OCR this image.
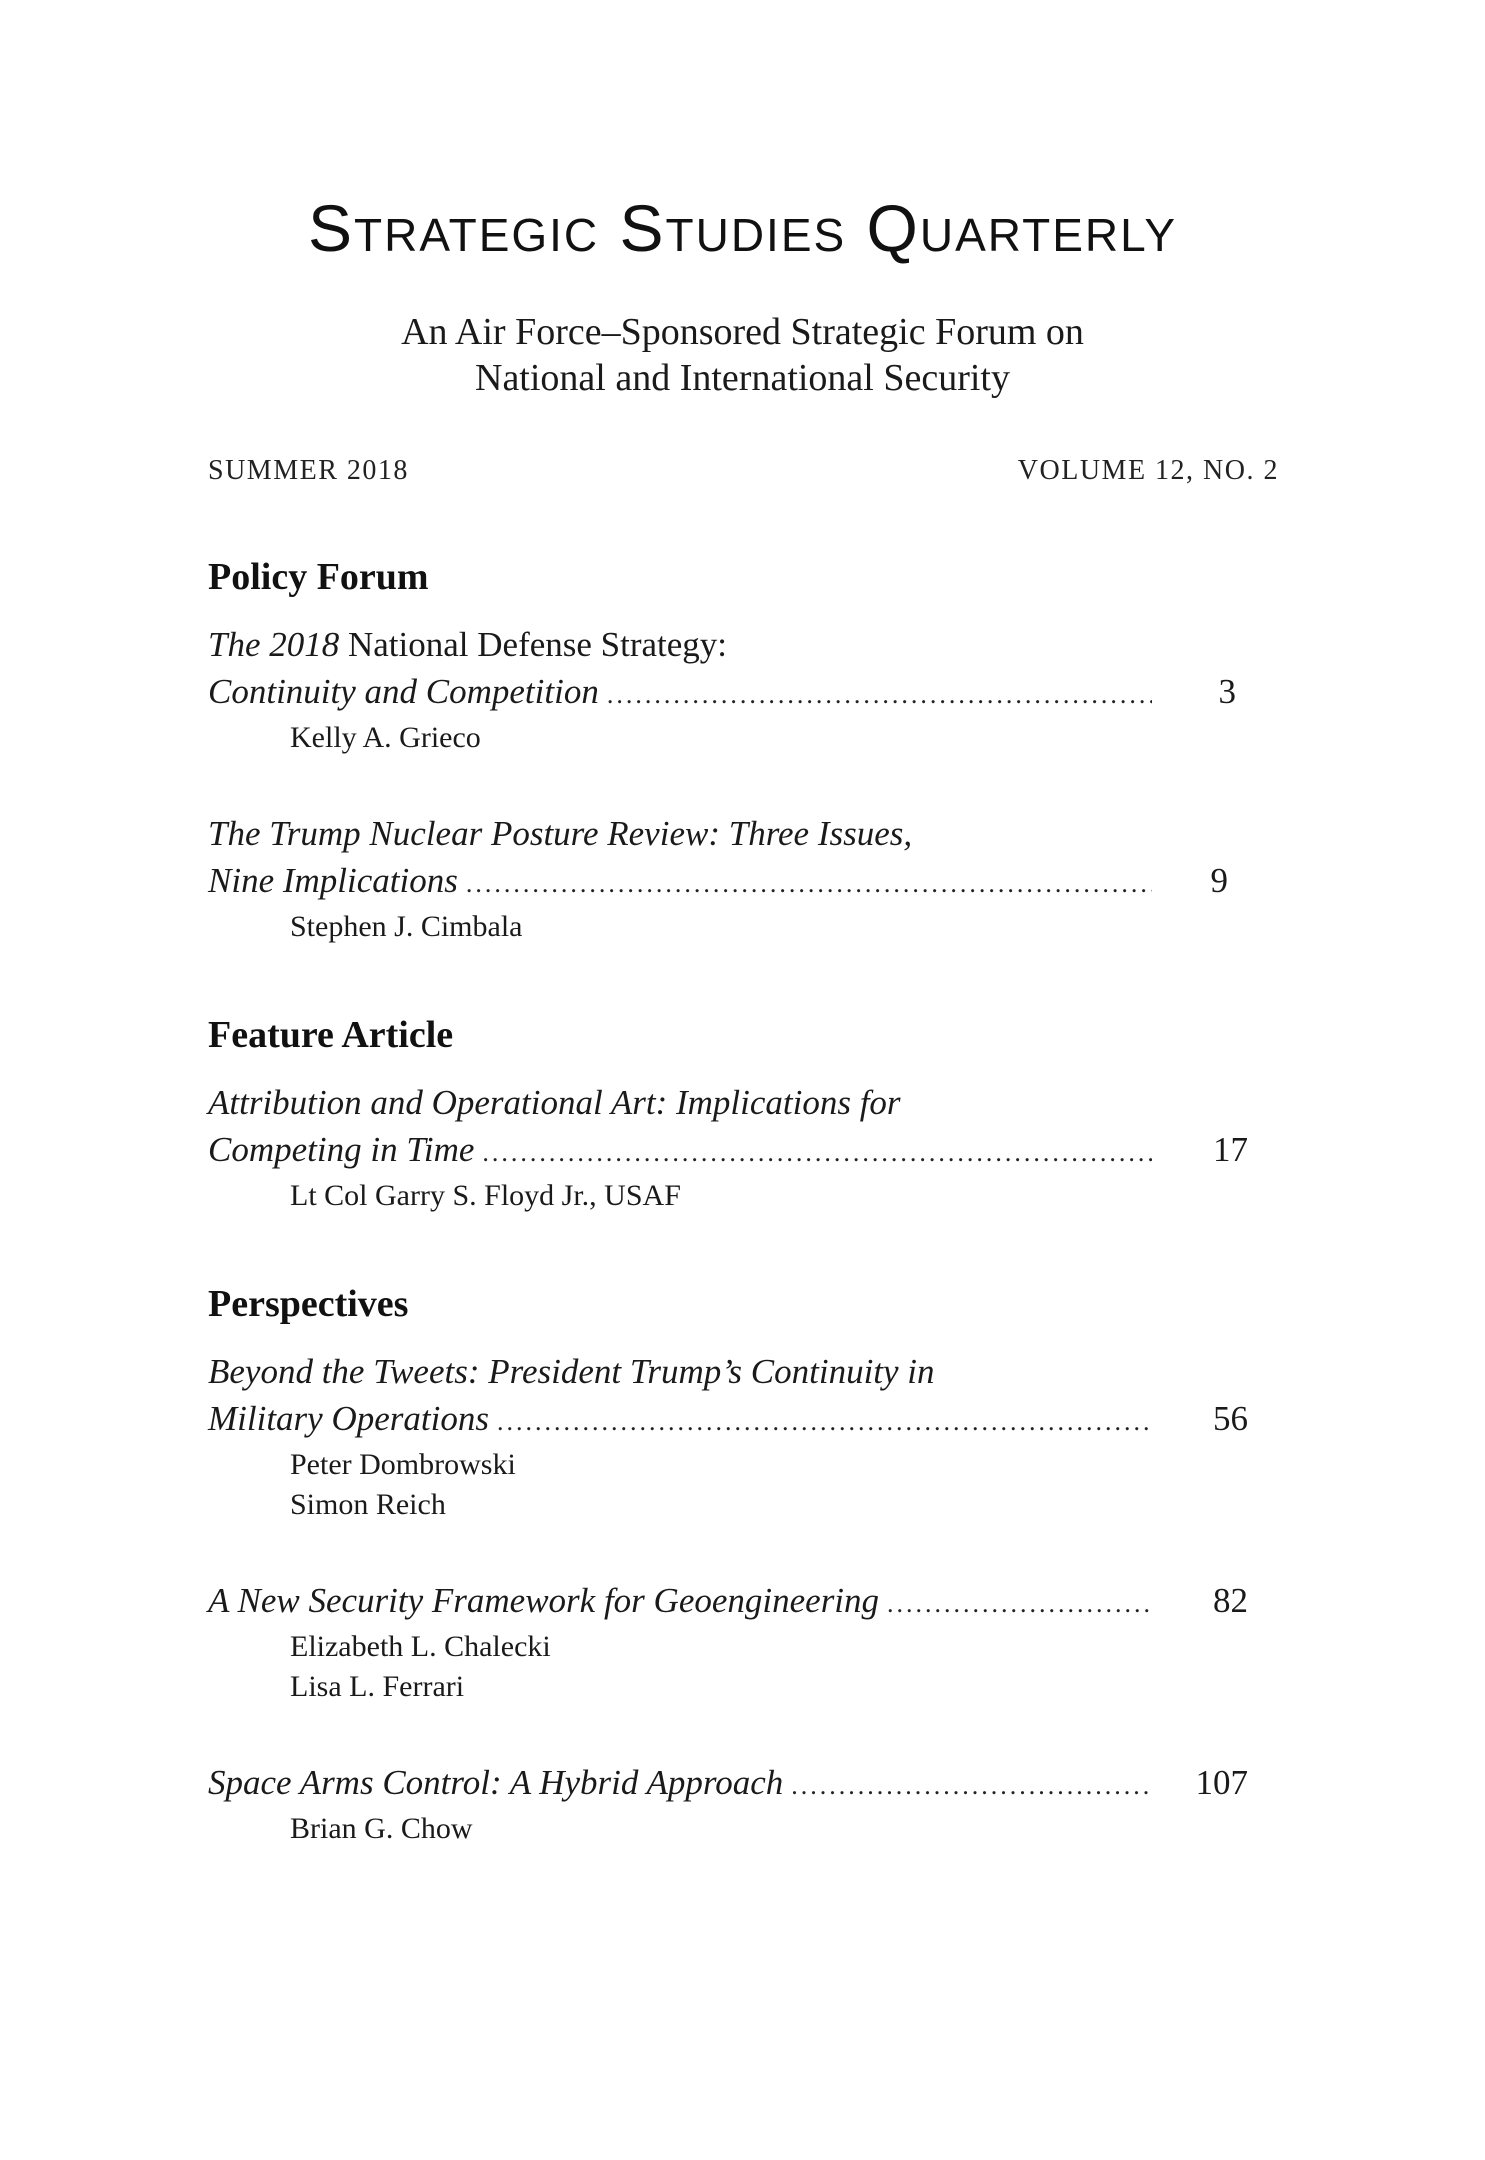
Strategic Studies Quarterly
An Air Force–Sponsored Strategic Forum on
National and International Security
SUMMER 2018	VOLUME 12, NO. 2
Policy Forum
The 2018 National Defense Strategy:
Continuity and Competition .....	3
Kelly A. Grieco
The Trump Nuclear Posture Review: Three Issues,
Nine Implications .....	9
Stephen J. Cimbala
Feature Article
Attribution and Operational Art: Implications for
Competing in Time .....	17
Lt Col Garry S. Floyd Jr., USAF
Perspectives
Beyond the Tweets: President Trump’s Continuity in
Military Operations .....	56
Peter Dombrowski
Simon Reich
A New Security Framework for Geoengineering .....	82
Elizabeth L. Chalecki
Lisa L. Ferrari
Space Arms Control: A Hybrid Approach .....	107
Brian G. Chow
